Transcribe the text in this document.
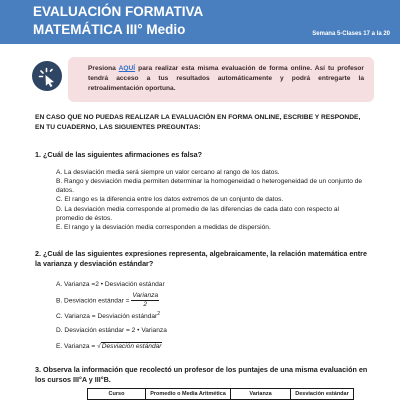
EVALUACIÓN FORMATIVA
MATEMÁTICA III° Medio	Semana 5-Clases 17 a la 20
Presiona AQUÍ para realizar esta misma evaluación de forma online. Así tu profesor tendrá acceso a tus resultados automáticamente y podrá entregarte la retroalimentación oportuna.
EN CASO QUE NO PUEDAS REALIZAR LA EVALUACIÓN EN FORMA ONLINE, ESCRIBE Y RESPONDE, EN TU CUADERNO, LAS SIGUIENTES PREGUNTAS:
1. ¿Cuál de las siguientes afirmaciones es falsa?
A. La desviación media será siempre un valor cercano al rango de los datos.
B. Rango y desviación media permiten determinar la homogeneidad o heterogeneidad de un conjunto de datos.
C. El rango es la diferencia entre los datos extremos de un conjunto de datos.
D. La desviación media corresponde al promedio de las diferencias de cada dato con respecto al promedio de éstos.
E. El rango y la desviación media corresponden a medidas de dispersión.
2. ¿Cuál de las siguientes expresiones representa, algebraicamente, la relación matemática entre la varianza y desviación estándar?
A. Varianza =2 • Desviación estándar
B. Desviación estándar = $\frac{\text{Varianza}}{2}$
C. Varianza = Desviación estándar$^2$
D. Desviación estándar = 2 • Varianza
E. Varianza = √Desviación estándar
3. Observa la información que recolectó un profesor de los puntajes de una misma evaluación en los cursos III°A y III°B.
Curso	Promedio o Media Aritmética	Varianza	Desviación estándar
